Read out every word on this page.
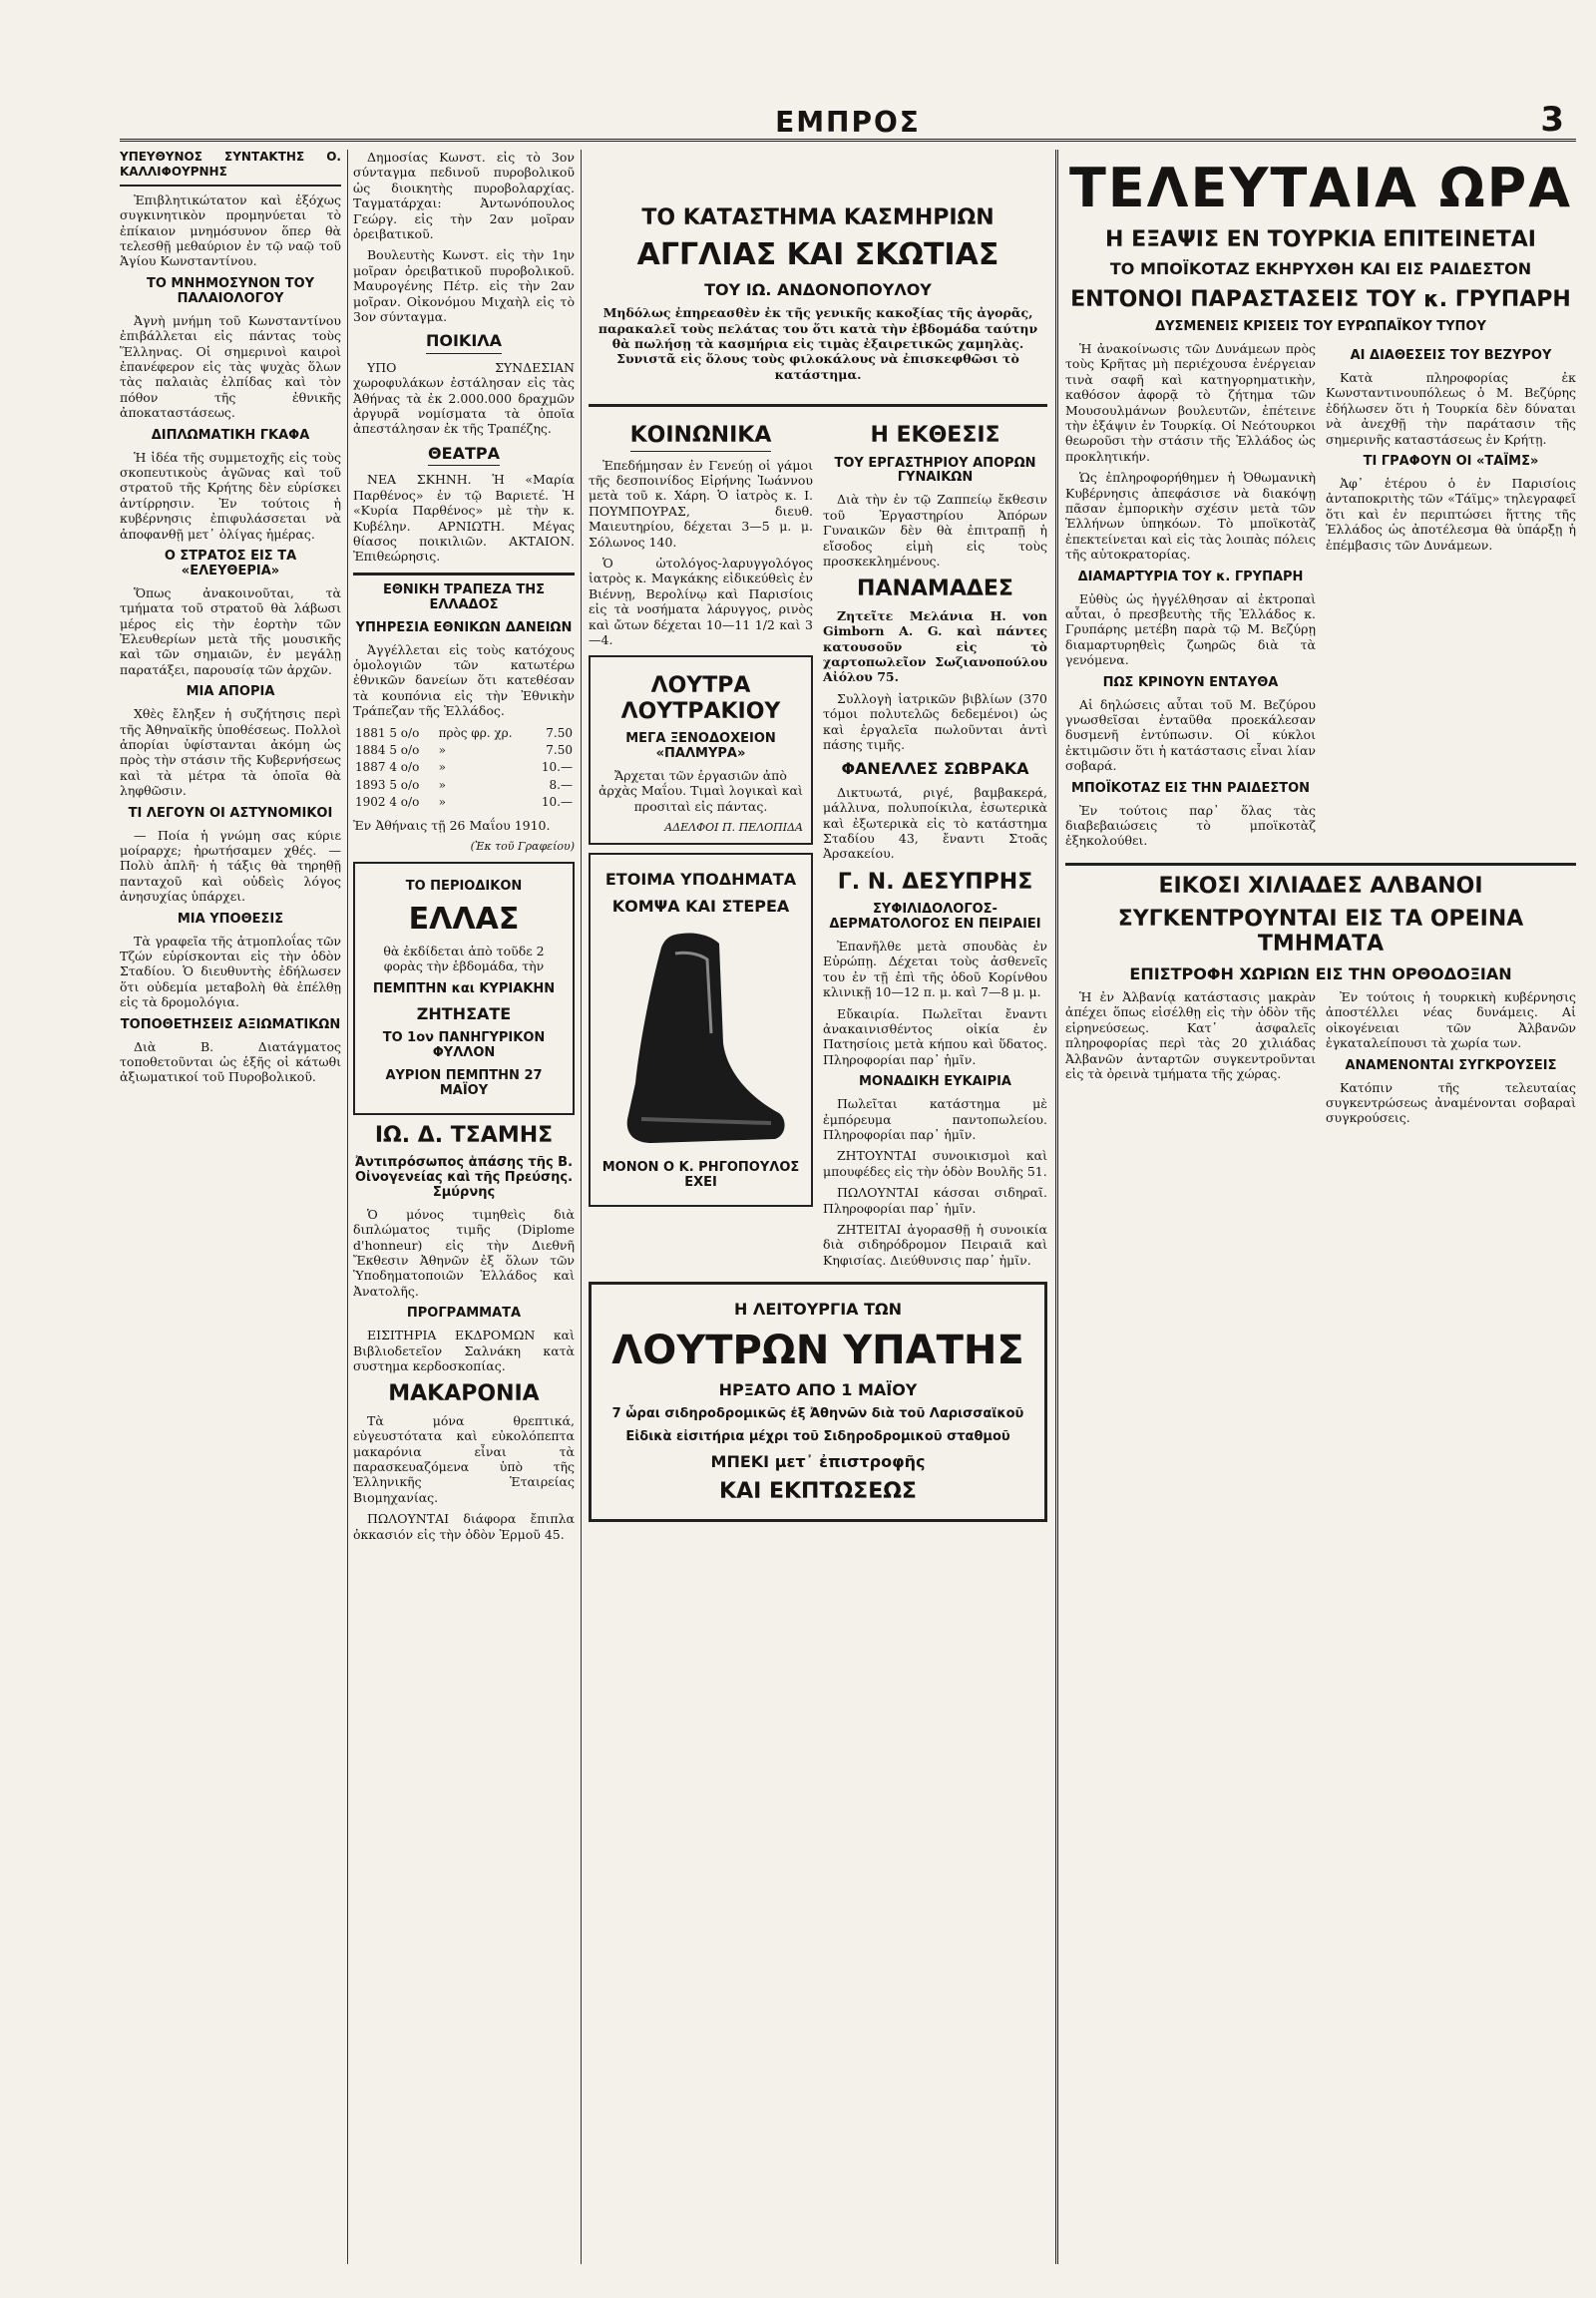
ΕΜΠΡΟΣ	3
ΥΠΕΥΘΥΝΟΣ ΣΥΝΤΑΚΤΗΣ Ο. ΚΑΛΛΙΦΟΥΡΝΗΣ

Ἐπιβλητικώτατον καὶ ἐξόχως συγκινητικὸν προμηνύεται τὸ ἐπίκαιον μνημόσυνον ὅπερ θὰ τελεσθῇ μεθαύριον ἐν τῷ ναῷ τοῦ Ἁγίου Κωνσταντίνου.

ΤΟ ΜΝΗΜΟΣΥΝΟΝ ΤΟΥ ΠΑΛΑΙΟΛΟΓΟΥ

Ἀγνὴ μνήμη τοῦ Κωνσταντίνου ἐπιβάλλεται εἰς πάντας τοὺς Ἕλληνας. Οἱ σημερινοὶ καιροὶ ἐπανέφερον εἰς τὰς ψυχὰς ὅλων τὰς παλαιὰς ἐλπίδας καὶ τὸν πόθον τῆς ἐθνικῆς ἀποκαταστάσεως.

ΔΙΠΛΩΜΑΤΙΚΗ ΓΚΑΦΑ

Ἡ ἰδέα τῆς συμμετοχῆς εἰς τοὺς σκοπευτικοὺς ἀγῶνας καὶ τοῦ στρατοῦ τῆς Κρήτης δὲν εὑρίσκει ἀντίρρησιν. Ἐν τούτοις ἡ κυβέρνησις ἐπιφυλάσσεται νὰ ἀποφανθῇ μετ᾽ ὀλίγας ἡμέρας.

Ο ΣΤΡΑΤΟΣ ΕΙΣ ΤΑ «ΕΛΕΥΘΕΡΙΑ»

Ὅπως ἀνακοινοῦται, τὰ τμήματα τοῦ στρατοῦ θὰ λάβωσι μέρος εἰς τὴν ἑορτὴν τῶν Ἐλευθερίων μετὰ τῆς μουσικῆς καὶ τῶν σημαιῶν, ἐν μεγάλῃ παρατάξει, παρουσίᾳ τῶν ἀρχῶν.

ΜΙΑ ΑΠΟΡΙΑ

Χθὲς ἔληξεν ἡ συζήτησις περὶ τῆς Ἀθηναϊκῆς ὑποθέσεως. Πολλοὶ ἀπορίαι ὑφίστανται ἀκόμη ὡς πρὸς τὴν στάσιν τῆς Κυβερνήσεως καὶ τὰ μέτρα τὰ ὁποῖα θὰ ληφθῶσιν.

ΤΙ ΛΕΓΟΥΝ ΟΙ ΑΣΤΥΝΟΜΙΚΟΙ

— Ποία ἡ γνώμη σας κύριε μοίραρχε; ἠρωτήσαμεν χθές. — Πολὺ ἀπλῆ· ἡ τάξις θὰ τηρηθῇ πανταχοῦ καὶ οὐδεὶς λόγος ἀνησυχίας ὑπάρχει.

ΜΙΑ ΥΠΟΘΕΣΙΣ

Τὰ γραφεῖα τῆς ἀτμοπλοΐας τῶν Τζών εὑρίσκονται εἰς τὴν ὁδὸν Σταδίου. Ὁ διευθυντὴς ἐδήλωσεν ὅτι οὐδεμία μεταβολὴ θὰ ἐπέλθῃ εἰς τὰ δρομολόγια.

ΤΟΠΟΘΕΤΗΣΕΙΣ ΑΞΙΩΜΑΤΙΚΩΝ

Διὰ Β. Διατάγματος τοποθετοῦνται ὡς ἑξῆς οἱ κάτωθι ἀξιωματικοί τοῦ Πυροβολικοῦ.

Δημοσίας Κωνστ. εἰς τὸ 3ον σύνταγμα πεδινοῦ πυροβολικοῦ ὡς διοικητὴς πυροβολαρχίας. Ταγματάρχαι: Ἀντωνόπουλος Γεώργ. εἰς τὴν 2αν μοῖραν ὀρειβατικοῦ.

Βουλευτὴς Κωνστ. εἰς τὴν 1ην μοῖραν ὀρειβατικοῦ πυροβολικοῦ. Μαυρογένης Πέτρ. εἰς τὴν 2αν μοῖραν. Οἰκονόμου Μιχαὴλ εἰς τὸ 3ον σύνταγμα.

ΠΟΙΚΙΛΑ

ΥΠΟ ΣΥΝΔΕΣΙΑΝ χωροφυλάκων ἐστάλησαν εἰς τὰς Ἀθήνας τὰ ἐκ 2.000.000 δραχμῶν ἀργυρᾶ νομίσματα τὰ ὁποῖα ἀπεστάλησαν ἐκ τῆς Τραπέζης.

ΘΕΑΤΡΑ

ΝΕΑ ΣΚΗΝΗ. Ἡ «Μαρία Παρθένος» ἐν τῷ Βαριετέ. Ἡ «Κυρία Παρθένος» μὲ τὴν κ. Κυβέλην. ΑΡΝΙΩΤΗ. Μέγας θίασος ποικιλιῶν. ΑΚΤΑΙΟΝ. Ἐπιθεώρησις.

ΕΘΝΙΚΗ ΤΡΑΠΕΖΑ ΤΗΣ ΕΛΛΑΔΟΣ
ΥΠΗΡΕΣΙΑ ΕΘΝΙΚΩΝ ΔΑΝΕΙΩΝ

Ἀγγέλλεται εἰς τοὺς κατόχους ὁμολογιῶν τῶν κατωτέρω ἐθνικῶν δανείων ὅτι κατεθέσαν τὰ κουπόνια εἰς τὴν Ἐθνικὴν Τράπεζαν τῆς Ἑλλάδος.

1881 5 o/o	πρὸς φρ. χρ.	7.50
1884 5 o/o	»	7.50
1887 4 o/o	»	10.—
1893 5 o/o	»	8.—
1902 4 o/o	»	10.—

Ἐν Ἀθήναις τῇ 26 Μαΐου 1910.

(Ἐκ τοῦ Γραφείου)
ΤΟ ΠΕΡΙΟΔΙΚΟΝ
ΕΛΛΑΣ

θὰ ἐκδίδεται ἀπὸ τοῦδε 2 φορὰς τὴν ἑβδομάδα, τὴν

ΠΕΜΠΤΗΝ και ΚΥΡΙΑΚΗΝ
ΖΗΤΗΣΑΤΕ
ΤΟ 1ον ΠΑΝΗΓΥΡΙΚΟΝ ΦΥΛΛΟΝ
ΑΥΡΙΟΝ ΠΕΜΠΤΗΝ 27 ΜΑΪΟΥ
ΙΩ. Δ. ΤΣΑΜΗΣ
Ἀντιπρόσωπος ἁπάσης τῆς Β. Οἰνογενείας καὶ τῆς Πρεύσης. Σμύρνης

Ὁ μόνος τιμηθεὶς διὰ διπλώματος τιμῆς (Diplome d'honneur) εἰς τὴν Διεθνῆ Ἔκθεσιν Ἀθηνῶν ἐξ ὅλων τῶν Ὑποδηματοποιῶν Ἑλλάδος καὶ Ἀνατολῆς.

ΠΡΟΓΡΑΜΜΑΤΑ

ΕΙΣΙΤΗΡΙΑ ΕΚΔΡΟΜΩΝ καὶ Βιβλιοδετεῖον Σαλνάκη κατὰ συστημα κερδοσκοπίας.

ΜΑΚΑΡΟΝΙΑ

Τὰ μόνα θρεπτικά, εὐγευστότατα καὶ εὐκολόπεπτα μακαρόνια εἶναι τὰ παρασκευαζόμενα ὑπὸ τῆς Ἑλληνικῆς Ἑταιρείας Βιομηχανίας.

ΠΩΛΟΥΝΤΑΙ διάφορα ἔπιπλα ὀκκασιόν εἰς τὴν ὁδὸν Ἐρμοῦ 45.

ΤΟ ΚΑΤΑΣΤΗΜΑ ΚΑΣΜΗΡΙΩΝ
ΑΓΓΛΙΑΣ ΚΑΙ ΣΚΩΤΙΑΣ
ΤΟΥ ΙΩ. ΑΝΔΟΝΟΠΟΥΛΟΥ

Μηδόλως ἐπηρεασθὲν ἐκ τῆς γενικῆς κακοξίας τῆς ἀγορᾶς, παρακαλεῖ τοὺς πελάτας του ὅτι κατὰ τὴν ἐβδομάδα ταύτην θὰ πωλήσῃ τὰ κασμήρια εἰς τιμὰς ἐξαιρετικῶς χαμηλὰς. Συνιστᾶ εἰς ὅλους τοὺς φιλοκάλους νὰ ἐπισκεφθῶσι τὸ κατάστημα.

ΚΟΙΝΩΝΙΚΑ

Ἐπεδήμησαν ἐν Γενεύῃ οἱ γάμοι τῆς δεσποινίδος Εἰρήνης Ἰωάννου μετὰ τοῦ κ. Χάρη. Ὁ ἰατρὸς κ. Ι. ΠΟΥΜΠΟΥΡΑΣ, διευθ. Μαιευτηρίου, δέχεται 3—5 μ. μ. Σόλωνος 140.

Ὁ ὠτολόγος-λαρυγγολόγος ἰατρὸς κ. Μαγκάκης εἰδικεύθεὶς ἐν Βιέννῃ, Βερολίνῳ καὶ Παρισίοις εἰς τὰ νοσήματα λάρυγγος, ρινὸς καὶ ὤτων δέχεται 10—11 1/2 καὶ 3—4.

ΛΟΥΤΡΑ ΛΟΥΤΡΑΚΙΟΥ
ΜΕΓΑ ΞΕΝΟΔΟΧΕΙΟΝ «ΠΑΛΜΥΡΑ»

Ἄρχεται τῶν ἐργασιῶν ἀπὸ ἀρχὰς Μαΐου. Τιμαὶ λογικαὶ καὶ προσιταὶ εἰς πάντας.

ΑΔΕΛΦΟΙ Π. ΠΕΛΟΠΙΔΑ
ΕΤΟΙΜΑ ΥΠΟΔΗΜΑΤΑ
ΚΟΜΨΑ ΚΑΙ ΣΤΕΡΕΑ
ΜΟΝΟΝ Ο Κ. ΡΗΓΟΠΟΥΛΟΣ ΕΧΕΙ
Η ΕΚΘΕΣΙΣ
ΤΟΥ ΕΡΓΑΣΤΗΡΙΟΥ ΑΠΟΡΩΝ ΓΥΝΑΙΚΩΝ

Διὰ τὴν ἐν τῷ Ζαππείῳ ἔκθεσιν τοῦ Ἐργαστηρίου Ἀπόρων Γυναικῶν δὲν θὰ ἐπιτραπῇ ἡ εἴσοδος εἰμὴ εἰς τοὺς προσκεκλημένους.

ΠΑΝΑΜΑΔΕΣ

Ζητεῖτε Μελάνια Η. von Gimborn A. G. καὶ πάντες κατουσοῦν εἰς τὸ χαρτοπωλεῖον Σωζιανοπούλου Αἰόλου 75.

Συλλογὴ ἰατρικῶν βιβλίων (370 τόμοι πολυτελῶς δεδεμένοι) ὡς καὶ ἐργαλεῖα πωλοῦνται ἀντὶ πάσης τιμῆς.

ΦΑΝΕΛΛΕΣ ΣΩΒΡΑΚΑ

Δικτυωτά, ριγέ, βαμβακερά, μάλλινα, πολυποίκιλα, ἐσωτερικὰ καὶ ἐξωτερικὰ εἰς τὸ κατάστημα Σταδίου 43, ἔναντι Στοᾶς Ἀρσακείου.

Γ. Ν. ΔΕΣΥΠΡΗΣ
ΣΥΦΙΛΙΔΟΛΟΓΟΣ-ΔΕΡΜΑΤΟΛΟΓΟΣ ΕΝ ΠΕΙΡΑΙΕΙ

Ἐπανῆλθε μετὰ σπουδὰς ἐν Εὐρώπῃ. Δέχεται τοὺς ἀσθενεῖς του ἐν τῇ ἐπὶ τῆς ὁδοῦ Κορίνθου κλινικῇ 10—12 π. μ. καὶ 7—8 μ. μ.

Εὔκαιρία. Πωλεῖται ἔναντι ἀνακαινισθέντος οἰκία ἐν Πατησίοις μετὰ κήπου καὶ ὕδατος. Πληροφορίαι παρ᾽ ἡμῖν.

ΜΟΝΑΔΙΚΗ ΕΥΚΑΙΡΙΑ

Πωλεῖται κατάστημα μὲ ἐμπόρευμα παντοπωλείου. Πληροφορίαι παρ᾽ ἡμῖν.

ΖΗΤΟΥΝΤΑΙ συνοικισμοὶ καὶ μπουφέδες εἰς τὴν ὁδὸν Βουλῆς 51.

ΠΩΛΟΥΝΤΑΙ κάσσαι σιδηραῖ. Πληροφορίαι παρ᾽ ἡμῖν.

ΖΗΤΕΙΤΑΙ ἀγορασθῇ ἡ συνοικία διὰ σιδηρόδρομον Πειραιᾶ καὶ Κηφισίας. Διεύθυνσις παρ᾽ ἡμῖν.

Η ΛΕΙΤΟΥΡΓΙΑ ΤΩΝ
ΛΟΥΤΡΩΝ ΥΠΑΤΗΣ
ΗΡΞΑΤΟ ΑΠΟ 1 ΜΑΪΟΥ
7 ὧραι σιδηροδρομικῶς ἐξ Ἀθηνῶν διὰ τοῦ Λαρισσαϊκοῦ
Εἰδικὰ εἰσιτήρια μέχρι τοῦ Σιδηροδρομικοῦ σταθμοῦ
ΜΠΕΚΙ μετ᾽ ἐπιστροφῆς
ΚΑΙ ΕΚΠΤΩΣΕΩΣ
ΤΕΛΕΥΤΑΙΑ ΩΡΑ
Η ΕΞΑΨΙΣ ΕΝ ΤΟΥΡΚΙΑ ΕΠΙΤΕΙΝΕΤΑΙ
ΤΟ ΜΠΟΪΚΟΤΑΖ ΕΚΗΡΥΧΘΗ ΚΑΙ ΕΙΣ ΡΑΙΔΕΣΤΟΝ
ΕΝΤΟΝΟΙ ΠΑΡΑΣΤΑΣΕΙΣ ΤΟΥ κ. ΓΡΥΠΑΡΗ
ΔΥΣΜΕΝΕΙΣ ΚΡΙΣΕΙΣ ΤΟΥ ΕΥΡΩΠΑΪΚΟΥ ΤΥΠΟΥ

Ἡ ἀνακοίνωσις τῶν Δυνάμεων πρὸς τοὺς Κρῆτας μὴ περιέχουσα ἐνέργειαν τινὰ σαφῆ καὶ κατηγορηματικὴν, καθόσον ἀφορᾷ τὸ ζήτημα τῶν Μουσουλμάνων βουλευτῶν, ἐπέτεινε τὴν ἐξάψιν ἐν Τουρκίᾳ. Οἱ Νεότουρκοι θεωροῦσι τὴν στάσιν τῆς Ἑλλάδος ὡς προκλητικήν.

Ὡς ἐπληροφορήθημεν ἡ Ὀθωμανικὴ Κυβέρνησις ἀπεφάσισε νὰ διακόψῃ πᾶσαν ἐμπορικὴν σχέσιν μετὰ τῶν Ἑλλήνων ὑπηκόων. Τὸ μποϊκοτὰζ ἐπεκτείνεται καὶ εἰς τὰς λοιπὰς πόλεις τῆς αὐτοκρατορίας.

ΔΙΑΜΑΡΤΥΡΙΑ ΤΟΥ κ. ΓΡΥΠΑΡΗ

Εὐθὺς ὡς ἠγγέλθησαν αἱ ἐκτροπαὶ αὗται, ὁ πρεσβευτὴς τῆς Ἑλλάδος κ. Γρυπάρης μετέβη παρὰ τῷ Μ. Βεζύρῃ διαμαρτυρηθεὶς ζωηρῶς διὰ τὰ γενόμενα.

ΠΩΣ ΚΡΙΝΟΥΝ ΕΝΤΑΥΘΑ

Αἱ δηλώσεις αὗται τοῦ Μ. Βεζύρου γνωσθεῖσαι ἐνταῦθα προεκάλεσαν δυσμενῆ ἐντύπωσιν. Οἱ κύκλοι ἐκτιμῶσιν ὅτι ἡ κατάστασις εἶναι λίαν σοβαρά.

ΜΠΟΪΚΟΤΑΖ ΕΙΣ ΤΗΝ ΡΑΙΔΕΣΤΟΝ

Ἐν τούτοις παρ᾽ ὅλας τὰς διαβεβαιώσεις τὸ μποϊκοτὰζ ἐξηκολούθει.

ΑΙ ΔΙΑΘΕΣΕΙΣ ΤΟΥ ΒΕΖΥΡΟΥ

Κατὰ πληροφορίας ἐκ Κωνσταντινουπόλεως ὁ Μ. Βεζύρης ἐδήλωσεν ὅτι ἡ Τουρκία δὲν δύναται νὰ ἀνεχθῇ τὴν παράτασιν τῆς σημερινῆς καταστάσεως ἐν Κρήτῃ.

ΤΙ ΓΡΑΦΟΥΝ ΟΙ «ΤΑΪΜΣ»

Ἀφ᾽ ἑτέρου ὁ ἐν Παρισίοις ἀνταποκριτὴς τῶν «Τάϊμς» τηλεγραφεῖ ὅτι καὶ ἐν περιπτώσει ἥττης τῆς Ἑλλάδος ὡς ἀποτέλεσμα θὰ ὑπάρξῃ ἡ ἐπέμβασις τῶν Δυνάμεων.

ΕΙΚΟΣΙ ΧΙΛΙΑΔΕΣ ΑΛΒΑΝΟΙ
ΣΥΓΚΕΝΤΡΟΥΝΤΑΙ ΕΙΣ ΤΑ ΟΡΕΙΝΑ ΤΜΗΜΑΤΑ
ΕΠΙΣΤΡΟΦΗ ΧΩΡΙΩΝ ΕΙΣ ΤΗΝ ΟΡΘΟΔΟΞΙΑΝ

Ἡ ἐν Ἀλβανίᾳ κατάστασις μακρὰν ἀπέχει ὅπως εἰσέλθῃ εἰς τὴν ὁδὸν τῆς εἰρηνεύσεως. Κατ᾽ ἀσφαλεῖς πληροφορίας περὶ τὰς 20 χιλιάδας Ἀλβανῶν ἀνταρτῶν συγκεντροῦνται εἰς τὰ ὀρεινὰ τμήματα τῆς χώρας.

Ἐν τούτοις ἡ τουρκικὴ κυβέρνησις ἀποστέλλει νέας δυνάμεις. Αἱ οἰκογένειαι τῶν Ἀλβανῶν ἐγκαταλείπουσι τὰ χωρία των.

ΑΝΑΜΕΝΟΝΤΑΙ ΣΥΓΚΡΟΥΣΕΙΣ

Κατόπιν τῆς τελευταίας συγκεντρώσεως ἀναμένονται σοβαραὶ συγκρούσεις.
